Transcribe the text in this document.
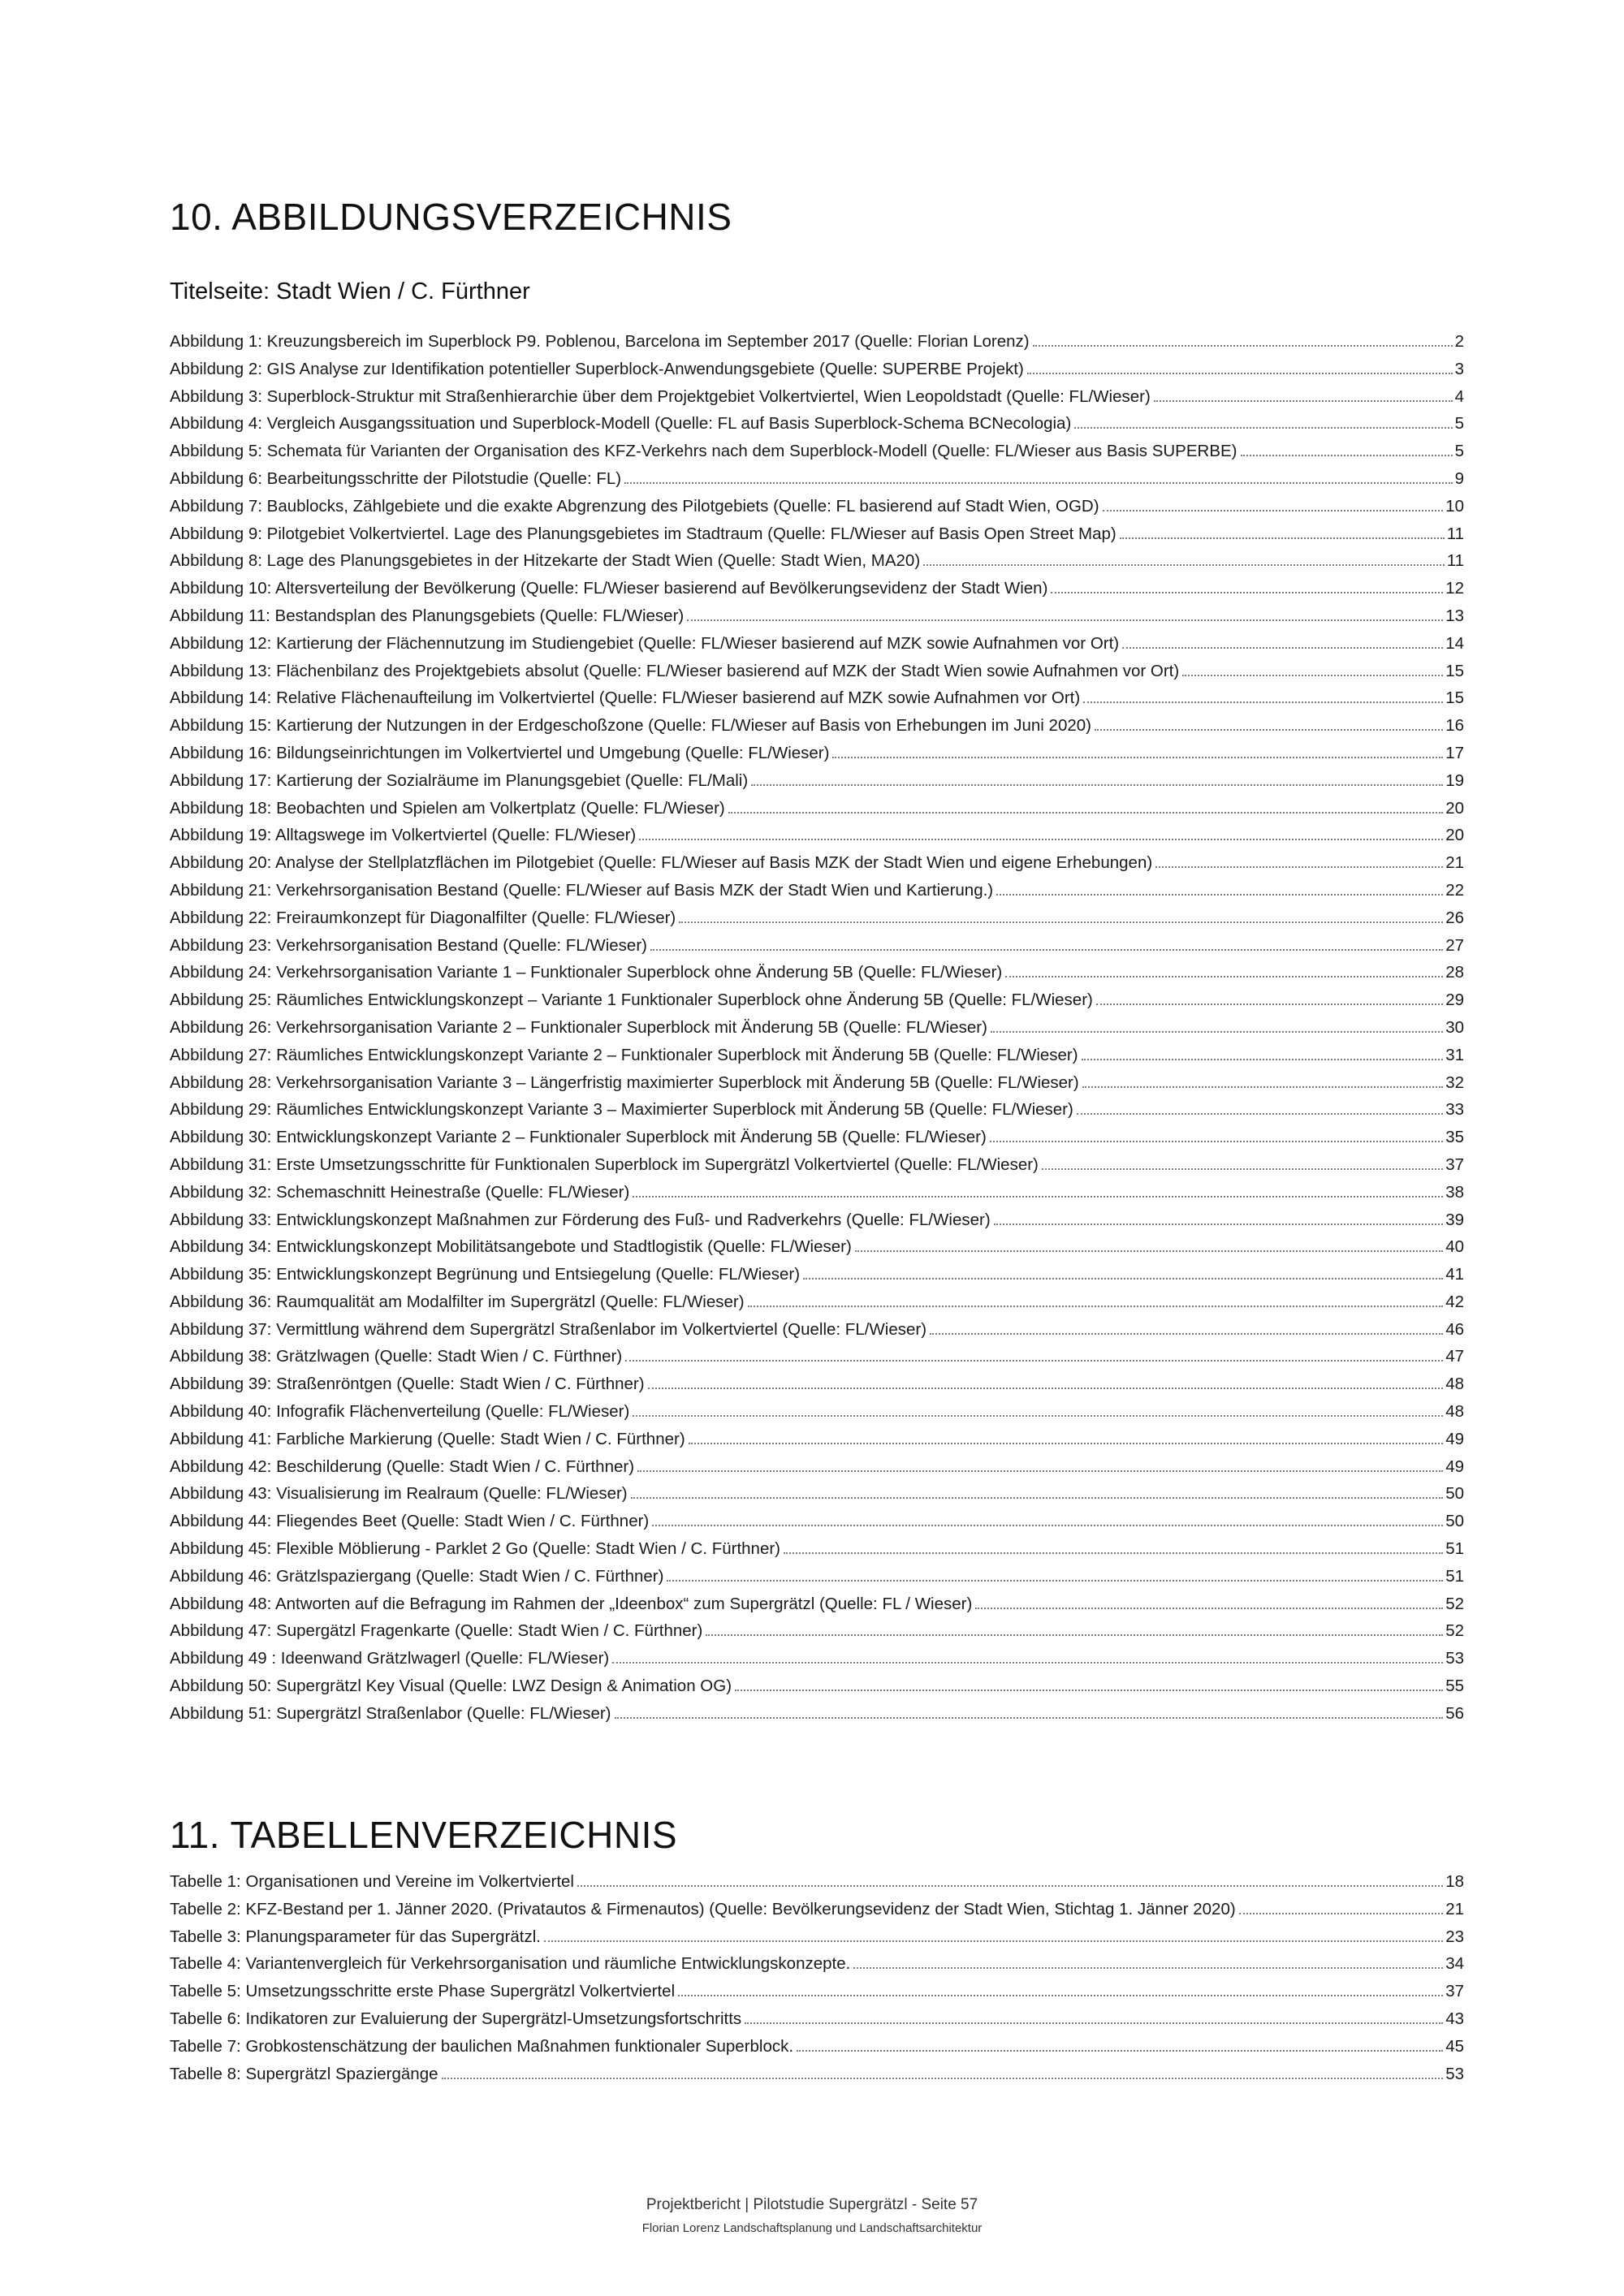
10. ABBILDUNGSVERZEICHNIS
Titelseite: Stadt Wien / C. Fürthner
Abbildung 1: Kreuzungsbereich im Superblock P9. Poblenou, Barcelona im September 2017 (Quelle: Florian Lorenz)	2
Abbildung 2: GIS Analyse zur Identifikation potentieller Superblock-Anwendungsgebiete (Quelle: SUPERBE Projekt)	3
Abbildung 3: Superblock-Struktur mit Straßenhierarchie über dem Projektgebiet Volkertviertel, Wien Leopoldstadt (Quelle: FL/Wieser)	4
Abbildung 4: Vergleich Ausgangssituation und Superblock-Modell (Quelle: FL auf Basis Superblock-Schema BCNecologia)	5
Abbildung 5: Schemata für Varianten der Organisation des KFZ-Verkehrs nach dem Superblock-Modell (Quelle: FL/Wieser aus Basis SUPERBE)	5
Abbildung 6: Bearbeitungsschritte der Pilotstudie (Quelle: FL)	9
Abbildung 7: Baublocks, Zählgebiete und die exakte Abgrenzung des Pilotgebiets (Quelle: FL basierend auf Stadt Wien, OGD)	10
Abbildung 9: Pilotgebiet Volkertviertel. Lage des Planungsgebietes im Stadtraum (Quelle: FL/Wieser auf Basis Open Street Map)	11
Abbildung 8: Lage des Planungsgebietes in der Hitzekarte der Stadt Wien (Quelle: Stadt Wien, MA20)	11
Abbildung 10: Altersverteilung der Bevölkerung (Quelle: FL/Wieser basierend auf Bevölkerungsevidenz der Stadt Wien)	12
Abbildung 11: Bestandsplan des Planungsgebiets (Quelle: FL/Wieser)	13
Abbildung 12: Kartierung der Flächennutzung im Studiengebiet (Quelle: FL/Wieser basierend auf MZK sowie Aufnahmen vor Ort)	14
Abbildung 13: Flächenbilanz des Projektgebiets absolut (Quelle: FL/Wieser basierend auf MZK der Stadt Wien sowie Aufnahmen vor Ort)	15
Abbildung 14: Relative Flächenaufteilung im Volkertviertel (Quelle: FL/Wieser basierend auf MZK sowie Aufnahmen vor Ort)	15
Abbildung 15: Kartierung der Nutzungen in der Erdgeschoßzone (Quelle: FL/Wieser auf Basis von Erhebungen im Juni 2020)	16
Abbildung 16: Bildungseinrichtungen im Volkertviertel und Umgebung (Quelle: FL/Wieser)	17
Abbildung 17: Kartierung der Sozialräume im Planungsgebiet (Quelle: FL/Mali)	19
Abbildung 18: Beobachten und Spielen am Volkertplatz (Quelle: FL/Wieser)	20
Abbildung 19: Alltagswege im Volkertviertel (Quelle: FL/Wieser)	20
Abbildung 20: Analyse der Stellplatzflächen im Pilotgebiet (Quelle: FL/Wieser auf Basis MZK der Stadt Wien und eigene Erhebungen)	21
Abbildung 21: Verkehrsorganisation Bestand (Quelle: FL/Wieser auf Basis MZK der Stadt Wien und Kartierung.)	22
Abbildung 22: Freiraumkonzept für Diagonalfilter (Quelle: FL/Wieser)	26
Abbildung 23: Verkehrsorganisation Bestand (Quelle: FL/Wieser)	27
Abbildung 24: Verkehrsorganisation Variante 1 – Funktionaler Superblock ohne Änderung 5B (Quelle: FL/Wieser)	28
Abbildung 25: Räumliches Entwicklungskonzept – Variante 1 Funktionaler Superblock ohne Änderung 5B (Quelle: FL/Wieser)	29
Abbildung 26: Verkehrsorganisation Variante 2 – Funktionaler Superblock mit Änderung 5B (Quelle: FL/Wieser)	30
Abbildung 27: Räumliches Entwicklungskonzept Variante 2 – Funktionaler Superblock mit Änderung 5B (Quelle: FL/Wieser)	31
Abbildung 28: Verkehrsorganisation Variante 3 – Längerfristig maximierter Superblock mit Änderung 5B (Quelle: FL/Wieser)	32
Abbildung 29: Räumliches Entwicklungskonzept Variante 3 – Maximierter Superblock mit Änderung 5B (Quelle: FL/Wieser)	33
Abbildung 30: Entwicklungskonzept Variante 2 – Funktionaler Superblock mit Änderung 5B (Quelle: FL/Wieser)	35
Abbildung 31: Erste Umsetzungsschritte für Funktionalen Superblock im Supergrätzl Volkertviertel (Quelle: FL/Wieser)	37
Abbildung 32: Schemaschnitt Heinestraße (Quelle: FL/Wieser)	38
Abbildung 33: Entwicklungskonzept Maßnahmen zur Förderung des Fuß- und Radverkehrs (Quelle: FL/Wieser)	39
Abbildung 34: Entwicklungskonzept Mobilitätsangebote und Stadtlogistik (Quelle: FL/Wieser)	40
Abbildung 35: Entwicklungskonzept Begrünung und Entsiegelung (Quelle: FL/Wieser)	41
Abbildung 36: Raumqualität am Modalfilter im Supergrätzl (Quelle: FL/Wieser)	42
Abbildung 37: Vermittlung während dem Supergrätzl Straßenlabor im Volkertviertel (Quelle: FL/Wieser)	46
Abbildung 38: Grätzlwagen (Quelle: Stadt Wien / C. Fürthner)	47
Abbildung 39: Straßenröntgen (Quelle: Stadt Wien / C. Fürthner)	48
Abbildung 40: Infografik Flächenverteilung (Quelle: FL/Wieser)	48
Abbildung 41: Farbliche Markierung (Quelle: Stadt Wien / C. Fürthner)	49
Abbildung 42: Beschilderung (Quelle: Stadt Wien / C. Fürthner)	49
Abbildung 43: Visualisierung im Realraum (Quelle: FL/Wieser)	50
Abbildung 44: Fliegendes Beet (Quelle: Stadt Wien / C. Fürthner)	50
Abbildung 45: Flexible Möblierung - Parklet 2 Go (Quelle: Stadt Wien / C. Fürthner)	51
Abbildung 46: Grätzlspaziergang (Quelle: Stadt Wien / C. Fürthner)	51
Abbildung 48: Antworten auf die Befragung im Rahmen der „Ideenbox“ zum Supergrätzl (Quelle: FL / Wieser)	52
Abbildung 47: Supergätzl Fragenkarte (Quelle: Stadt Wien / C. Fürthner)	52
Abbildung 49 : Ideenwand Grätzlwagerl (Quelle: FL/Wieser)	53
Abbildung 50: Supergrätzl Key Visual (Quelle: LWZ Design & Animation OG)	55
Abbildung 51: Supergrätzl Straßenlabor (Quelle: FL/Wieser)	56
11. TABELLENVERZEICHNIS
Tabelle 1: Organisationen und Vereine im Volkertviertel	18
Tabelle 2: KFZ-Bestand per 1. Jänner 2020. (Privatautos & Firmenautos) (Quelle: Bevölkerungsevidenz der Stadt Wien, Stichtag 1. Jänner 2020)	21
Tabelle 3: Planungsparameter für das Supergrätzl.	23
Tabelle 4: Variantenvergleich für Verkehrsorganisation und räumliche Entwicklungskonzepte.	34
Tabelle 5: Umsetzungsschritte erste Phase Supergrätzl Volkertviertel	37
Tabelle 6: Indikatoren zur Evaluierung der Supergrätzl-Umsetzungsfortschritts	43
Tabelle 7: Grobkostenschätzung der baulichen Maßnahmen funktionaler Superblock.	45
Tabelle 8: Supergrätzl Spaziergänge	53
Projektbericht | Pilotstudie Supergrätzl - Seite 57
Florian Lorenz Landschaftsplanung und Landschaftsarchitektur
